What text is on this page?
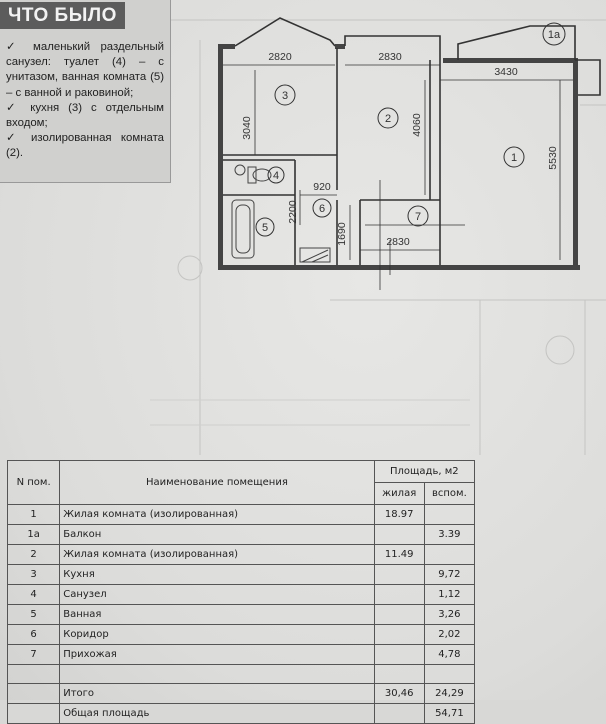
2820	2830
3430
3040	4060
5530
920
2200
2830
1690
3
2
1
4
5
6
7
1а
ЧТО БЫЛО

✓ маленький раздельный санузел: туалет (4) – с унитазом, ванная комната (5) – с ванной и раковиной;

✓ кухня (3) с отдельным входом;

✓ изолированная комната (2).

N пом.	Наименование помещения	Площадь, м2	
		жилая	вспом.
1	Жилая комната (изолированная)	18.97	
1а	Балкон		3.39
2	Жилая комната (изолированная)	11.49	
3	Кухня		9,72
4	Санузел		1,12
5	Ванная		3,26
6	Коридор		2,02
7	Прихожая		4,78

	Итого	30,46	24,29
	Общая площадь		54,71
